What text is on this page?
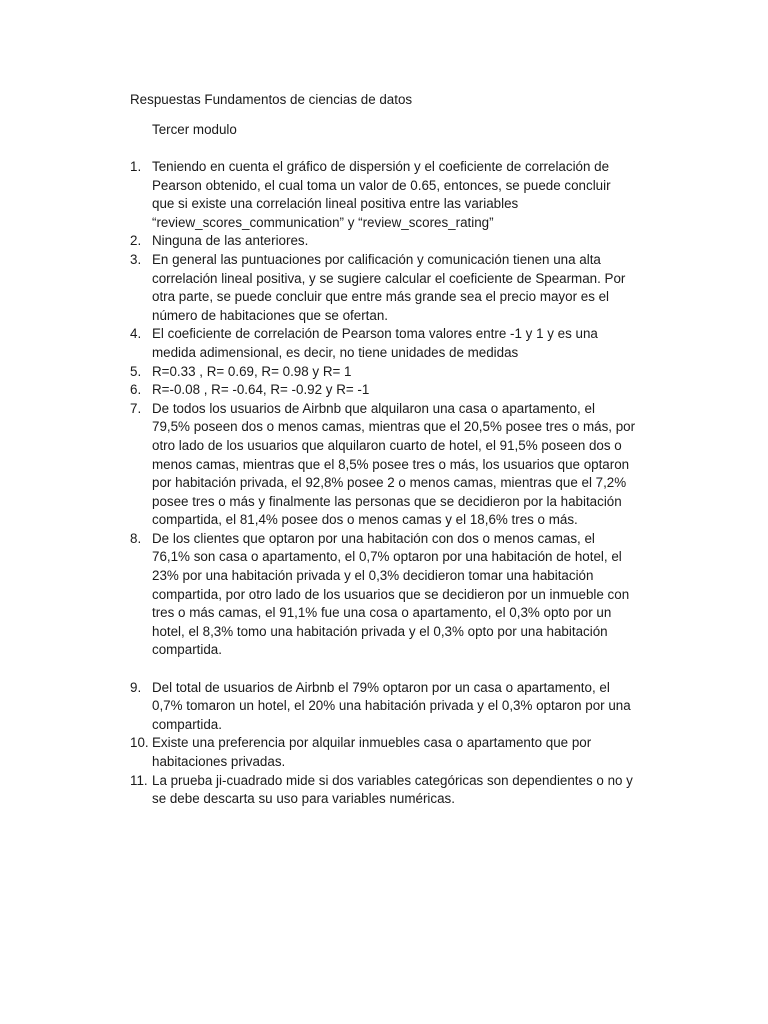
Respuestas Fundamentos de ciencias de datos
Tercer modulo
1. Teniendo en cuenta el gráfico de dispersión y el coeficiente de correlación de Pearson obtenido, el cual toma un valor de 0.65, entonces, se puede concluir que si existe una correlación lineal positiva entre las variables “review_scores_communication” y “review_scores_rating”
2. Ninguna de las anteriores.
3. En general las puntuaciones por calificación y comunicación tienen una alta correlación lineal positiva, y se sugiere calcular el coeficiente de Spearman. Por otra parte, se puede concluir que entre más grande sea el precio mayor es el número de habitaciones que se ofertan.
4. El coeficiente de correlación de Pearson toma valores entre -1 y 1 y es una medida adimensional, es decir, no tiene unidades de medidas
5. R=0.33 , R= 0.69, R= 0.98 y R= 1
6. R=-0.08 , R= -0.64, R= -0.92 y R= -1
7. De todos los usuarios de Airbnb que alquilaron una casa o apartamento, el 79,5% poseen dos o menos camas, mientras que el 20,5% posee tres o más, por otro lado de los usuarios que alquilaron cuarto de hotel, el 91,5% poseen dos o menos camas, mientras que el 8,5% posee tres o más, los usuarios que optaron por habitación privada, el 92,8% posee 2 o menos camas, mientras que el 7,2% posee tres o más y finalmente las personas que se decidieron por la habitación compartida, el 81,4% posee dos o menos camas y el 18,6% tres o más.
8. De los clientes que optaron por una habitación con dos o menos camas, el 76,1% son casa o apartamento, el 0,7% optaron por una habitación de hotel, el 23% por una habitación privada y el 0,3% decidieron tomar una habitación compartida, por otro lado de los usuarios que se decidieron por un inmueble con tres o más camas, el 91,1% fue una cosa o apartamento, el 0,3% opto por un hotel, el 8,3% tomo una habitación privada y el 0,3% opto por una habitación compartida.
9. Del total de usuarios de Airbnb el 79% optaron por un casa o apartamento, el 0,7% tomaron un hotel, el 20% una habitación privada y el 0,3% optaron por una compartida.
10. Existe una preferencia por alquilar inmuebles casa o apartamento que por habitaciones privadas.
11. La prueba ji-cuadrado mide si dos variables categóricas son dependientes o no y se debe descarta su uso para variables numéricas.
